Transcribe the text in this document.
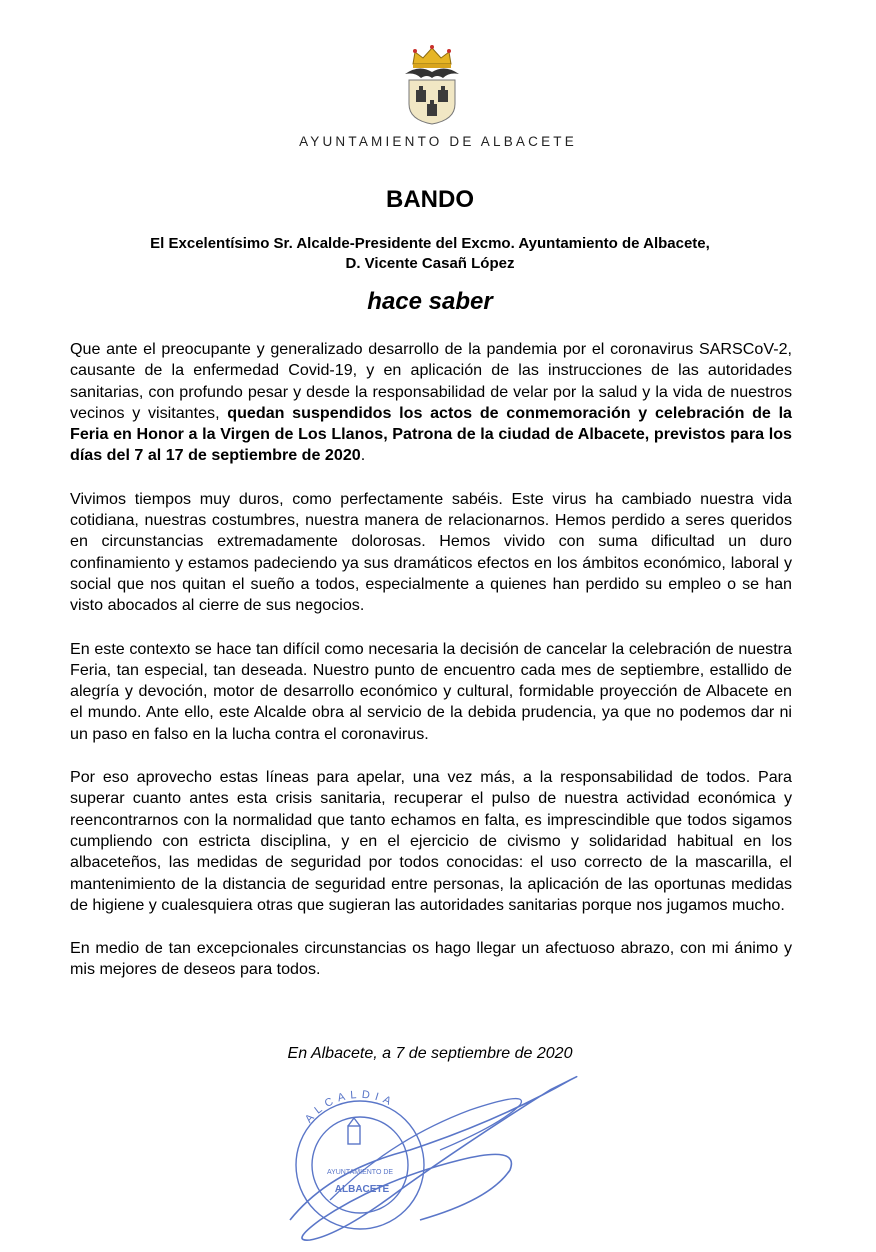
AYUNTAMIENTO DE ALBACETE
BANDO
El Excelentísimo Sr. Alcalde-Presidente del Excmo. Ayuntamiento de Albacete,
D. Vicente Casañ López
hace saber

Que ante el preocupante y generalizado desarrollo de la pandemia por el coronavirus SARSCoV-2, causante de la enfermedad Covid-19, y en aplicación de las instrucciones de las autoridades sanitarias, con profundo pesar y desde la responsabilidad de velar por la salud y la vida de nuestros vecinos y visitantes, quedan suspendidos los actos de conmemoración y celebración de la Feria en Honor a la Virgen de Los Llanos, Patrona de la ciudad de Albacete, previstos para los días del 7 al 17 de septiembre de 2020.

Vivimos tiempos muy duros, como perfectamente sabéis. Este virus ha cambiado nuestra vida cotidiana, nuestras costumbres, nuestra manera de relacionarnos. Hemos perdido a seres queridos en circunstancias extremadamente dolorosas. Hemos vivido con suma dificultad un duro confinamiento y estamos padeciendo ya sus dramáticos efectos en los ámbitos económico, laboral y social que nos quitan el sueño a todos, especialmente a quienes han perdido su empleo o se han visto abocados al cierre de sus negocios.

En este contexto se hace tan difícil como necesaria la decisión de cancelar la celebración de nuestra Feria, tan especial, tan deseada. Nuestro punto de encuentro cada mes de septiembre, estallido de alegría y devoción, motor de desarrollo económico y cultural, formidable proyección de Albacete en el mundo. Ante ello, este Alcalde obra al servicio de la debida prudencia, ya que no podemos dar ni un paso en falso en la lucha contra el coronavirus.

Por eso aprovecho estas líneas para apelar, una vez más, a la responsabilidad de todos. Para superar cuanto antes esta crisis sanitaria, recuperar el pulso de nuestra actividad económica y reencontrarnos con la normalidad que tanto echamos en falta, es imprescindible que todos sigamos cumpliendo con estricta disciplina, y en el ejercicio de civismo y solidaridad habitual en los albaceteños, las medidas de seguridad por todos conocidas: el uso correcto de la mascarilla, el mantenimiento de la distancia de seguridad entre personas, la aplicación de las oportunas medidas de higiene y cualesquiera otras que sugieran las autoridades sanitarias porque nos jugamos mucho.

En medio de tan excepcionales circunstancias os hago llegar un afectuoso abrazo, con mi ánimo y mis mejores de deseos para todos.

ALCALDIA
AYUNTAMIENTO DE
ALBACETE
En Albacete, a 7 de septiembre de 2020
